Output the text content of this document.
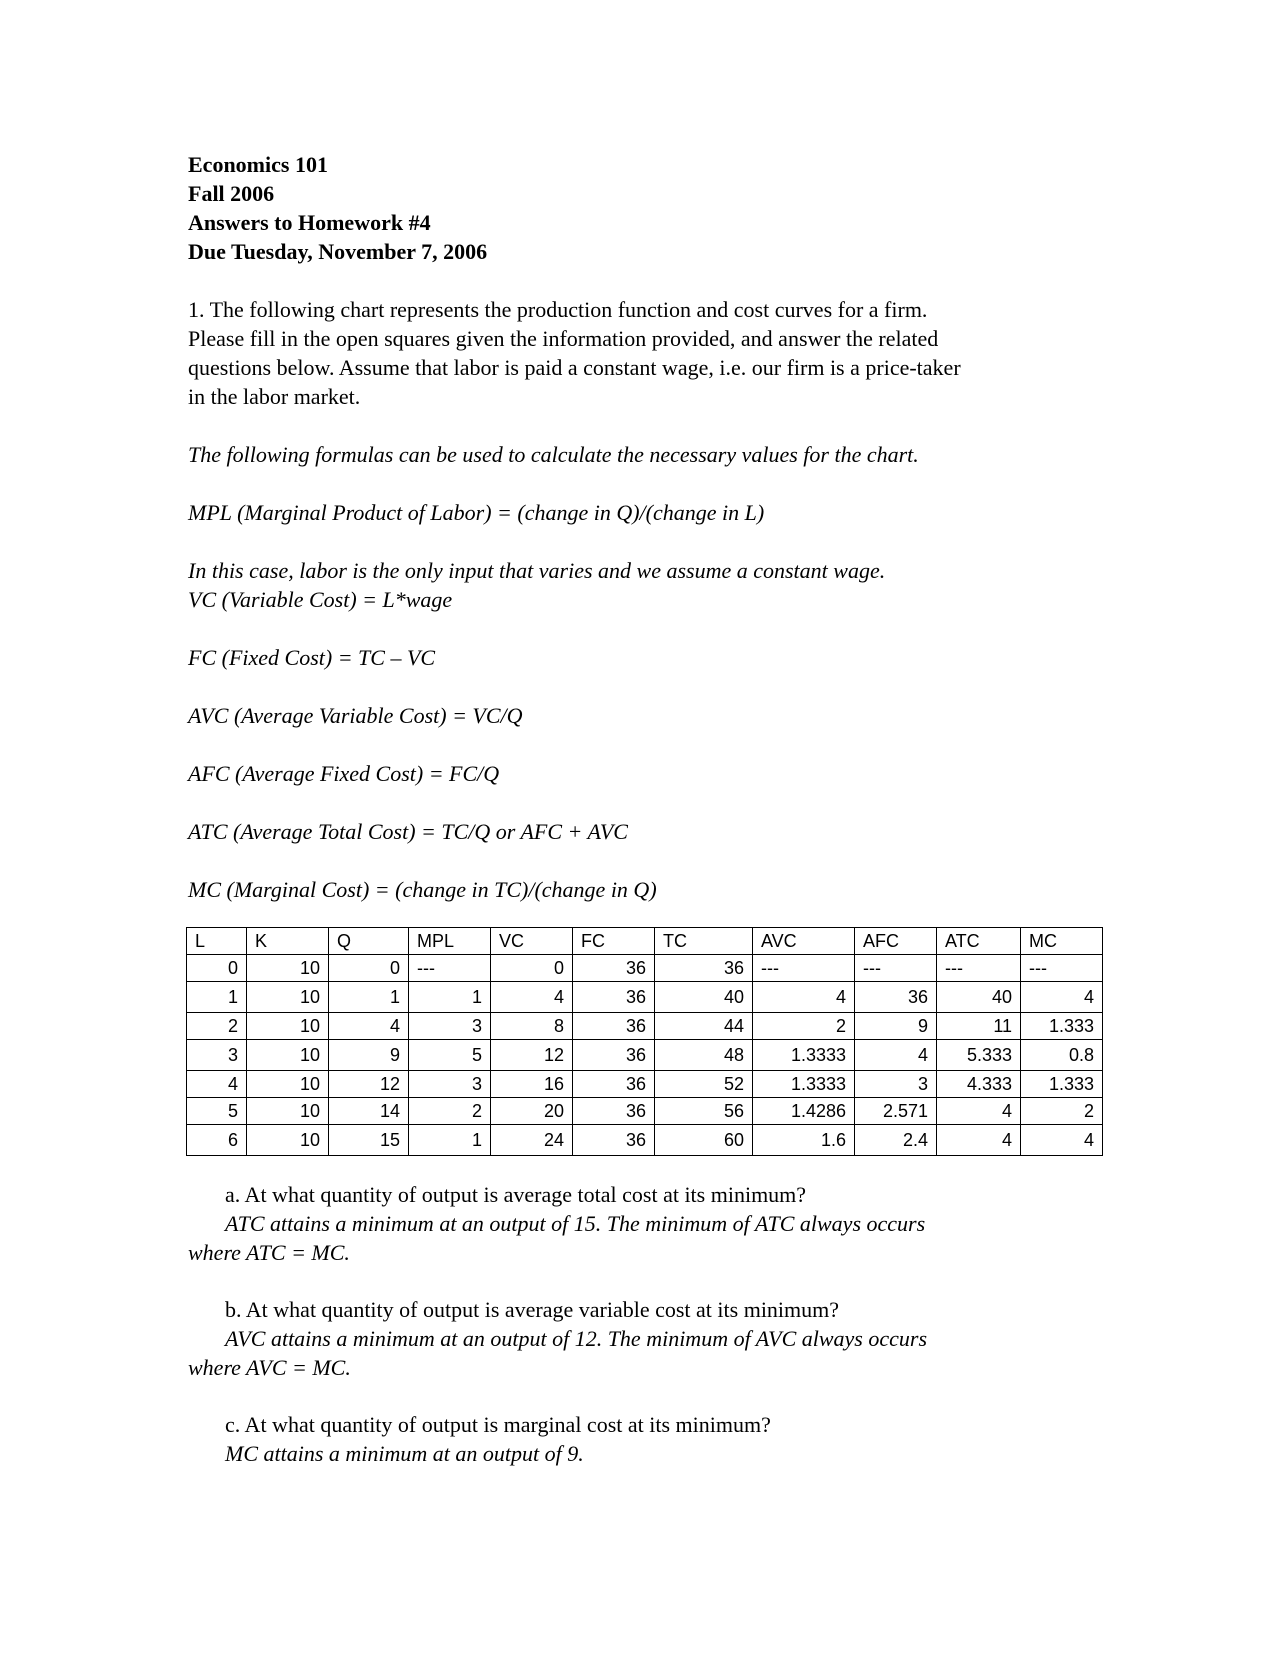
Economics 101
Fall 2006
Answers to Homework #4
Due Tuesday, November 7, 2006
1. The following chart represents the production function and cost curves for a firm.
Please fill in the open squares given the information provided, and answer the related
questions below. Assume that labor is paid a constant wage, i.e. our firm is a price-taker
in the labor market.
The following formulas can be used to calculate the necessary values for the chart.
MPL (Marginal Product of Labor) = (change in Q)/(change in L)
In this case, labor is the only input that varies and we assume a constant wage.
VC (Variable Cost) = L*wage
FC (Fixed Cost) = TC – VC
AVC (Average Variable Cost) = VC/Q
AFC (Average Fixed Cost) = FC/Q
ATC (Average Total Cost) = TC/Q or AFC + AVC
MC (Marginal Cost) = (change in TC)/(change in Q)
L	K	Q	MPL	VC	FC	TC	AVC	AFC	ATC	MC
0	10	0	---	0	36	36	---	---	---	---
1	10	1	1	4	36	40	4	36	40	4
2	10	4	3	8	36	44	2	9	11	1.333
3	10	9	5	12	36	48	1.3333	4	5.333	0.8
4	10	12	3	16	36	52	1.3333	3	4.333	1.333
5	10	14	2	20	36	56	1.4286	2.571	4	2
6	10	15	1	24	36	60	1.6	2.4	4	4
a. At what quantity of output is average total cost at its minimum?
ATC attains a minimum at an output of 15. The minimum of ATC always occurs
where ATC = MC.
b. At what quantity of output is average variable cost at its minimum?
AVC attains a minimum at an output of 12. The minimum of AVC always occurs
where AVC = MC.
c. At what quantity of output is marginal cost at its minimum?
MC attains a minimum at an output of 9.
